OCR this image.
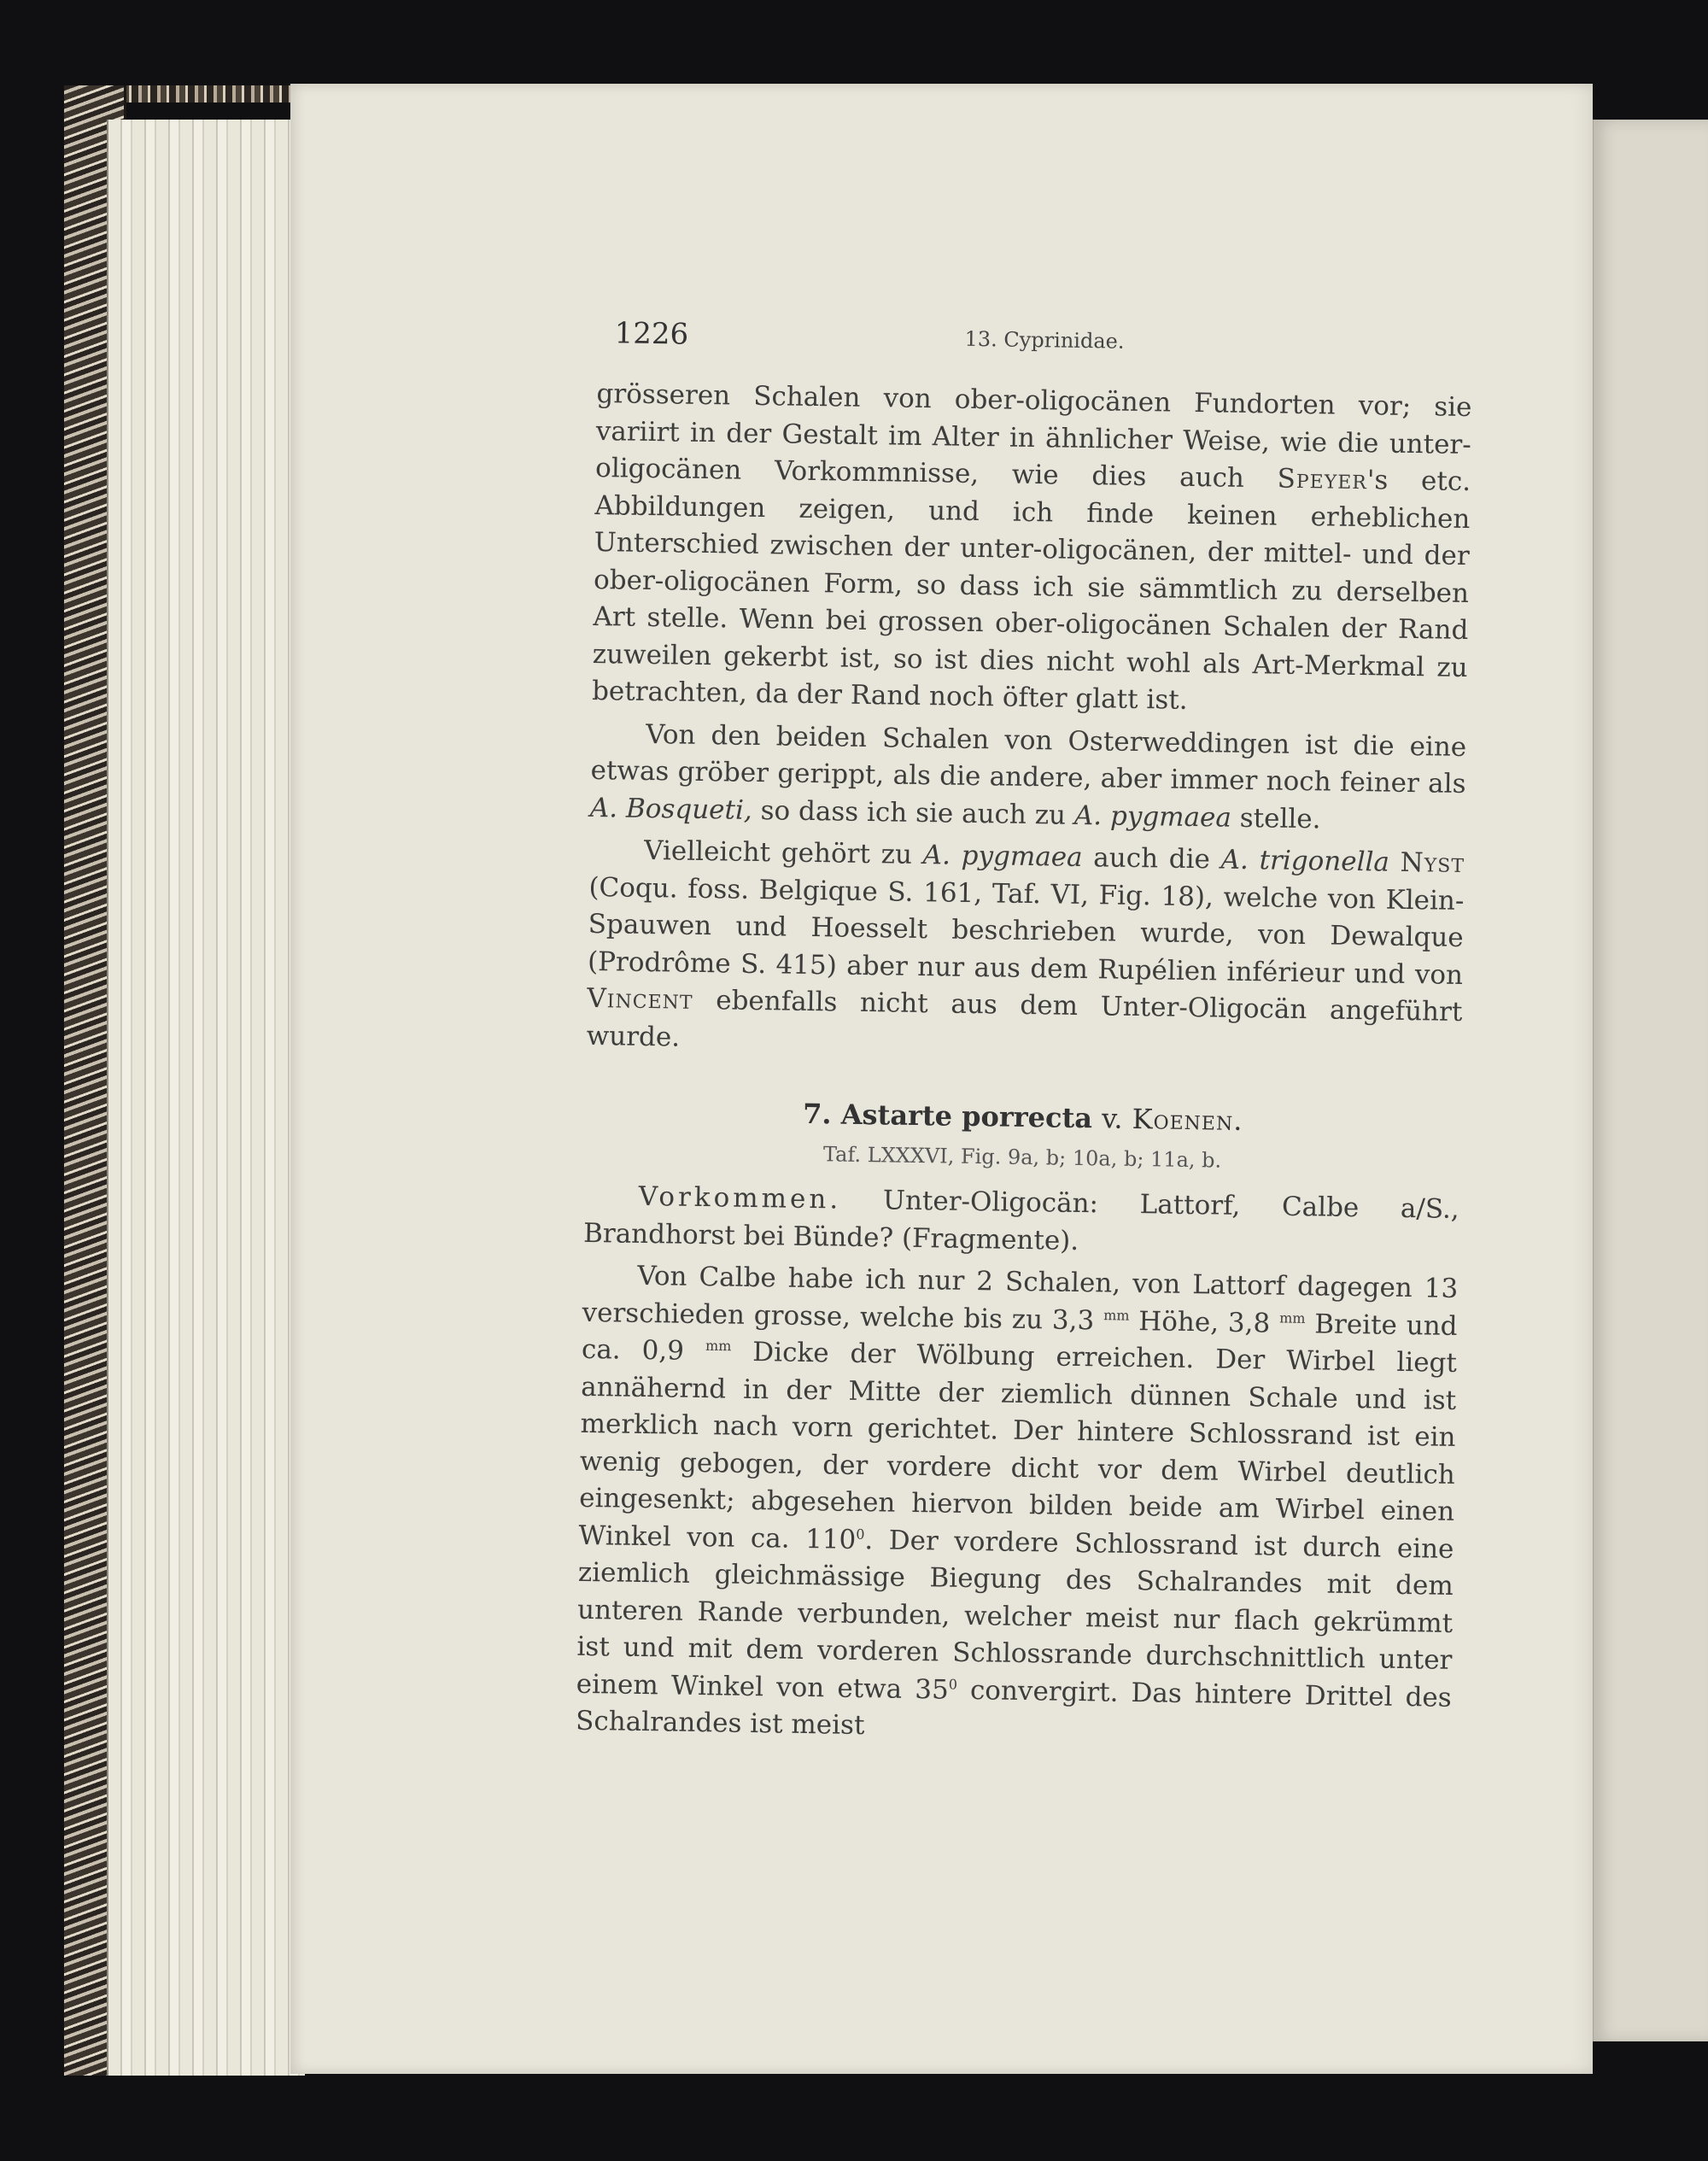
1226	13. Cyprinidae.

grösseren Schalen von ober-oligocänen Fundorten vor; sie variirt in der Gestalt im Alter in ähnlicher Weise, wie die unter-oligocänen Vorkommnisse, wie dies auch Speyer's etc. Abbildungen zeigen, und ich finde keinen erheblichen Unterschied zwischen der unter-oligocänen, der mittel- und der ober-oligocänen Form, so dass ich sie sämmtlich zu derselben Art stelle. Wenn bei grossen ober-oligocänen Schalen der Rand zuweilen gekerbt ist, so ist dies nicht wohl als Art-Merkmal zu betrachten, da der Rand noch öfter glatt ist.

Von den beiden Schalen von Osterweddingen ist die eine etwas gröber gerippt, als die andere, aber immer noch feiner als A. Bosqueti, so dass ich sie auch zu A. pygmaea stelle.

Vielleicht gehört zu A. pygmaea auch die A. trigonella Nyst (Coqu. foss. Belgique S. 161, Taf. VI, Fig. 18), welche von Klein-Spauwen und Hoesselt beschrieben wurde, von Dewalque (Prodrôme S. 415) aber nur aus dem Rupélien inférieur und von Vincent ebenfalls nicht aus dem Unter-Oligocän angeführt wurde.

7. Astarte porrecta v. Koenen.
Taf. LXXXVI, Fig. 9a, b; 10a, b; 11a, b.

Vorkommen. Unter-Oligocän: Lattorf, Calbe a/S., Brandhorst bei Bünde? (Fragmente).

Von Calbe habe ich nur 2 Schalen, von Lattorf dagegen 13 verschieden grosse, welche bis zu 3,3 $^{mm}$ Höhe, 3,8 $^{mm}$ Breite und ca. 0,9 $^{mm}$ Dicke der Wölbung erreichen. Der Wirbel liegt annähernd in der Mitte der ziemlich dünnen Schale und ist merklich nach vorn gerichtet. Der hintere Schlossrand ist ein wenig gebogen, der vordere dicht vor dem Wirbel deutlich eingesenkt; abgesehen hiervon bilden beide am Wirbel einen Winkel von ca. $110^0$. Der vordere Schlossrand ist durch eine ziemlich gleichmässige Biegung des Schalrandes mit dem unteren Rande verbunden, welcher meist nur flach gekrümmt ist und mit dem vorderen Schlossrande durchschnittlich unter einem Winkel von etwa $35^0$ convergirt. Das hintere Drittel des Schalrandes ist meist
